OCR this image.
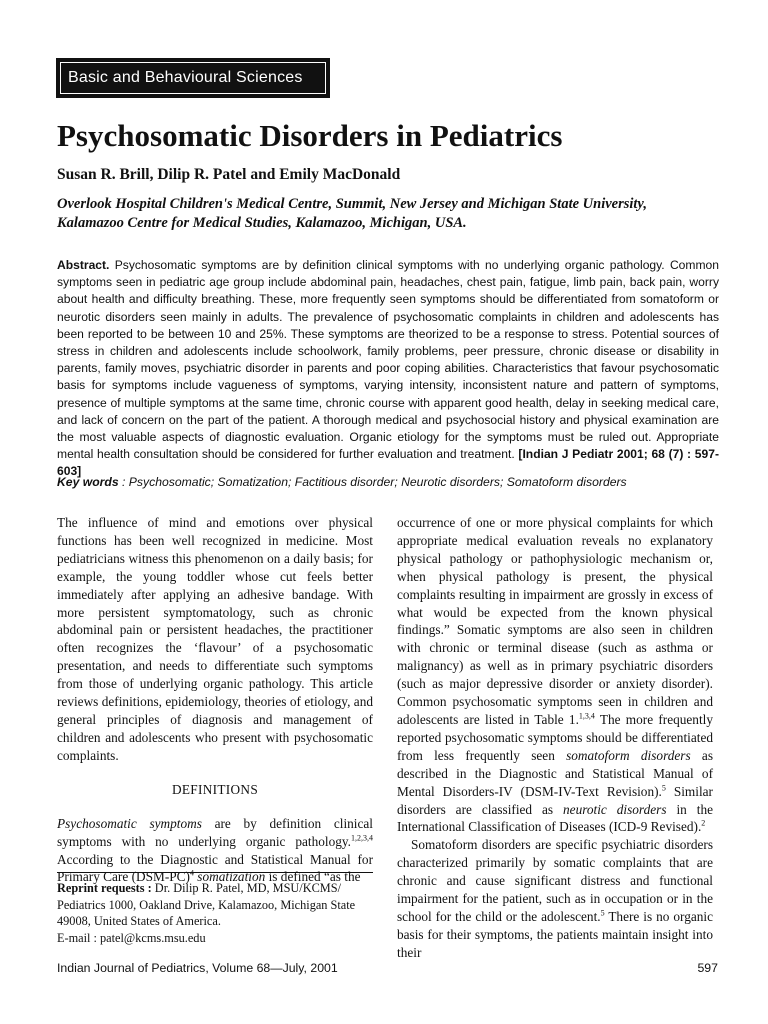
Basic and Behavioural Sciences
Psychosomatic Disorders in Pediatrics
Susan R. Brill, Dilip R. Patel and Emily MacDonald
Overlook Hospital Children's Medical Centre, Summit, New Jersey and Michigan State University,
Kalamazoo Centre for Medical Studies, Kalamazoo, Michigan, USA.

Abstract. Psychosomatic symptoms are by definition clinical symptoms with no underlying organic pathology. Common symptoms seen in pediatric age group include abdominal pain, headaches, chest pain, fatigue, limb pain, back pain, worry about health and difficulty breathing. These, more frequently seen symptoms should be differentiated from somatoform or neurotic disorders seen mainly in adults. The prevalence of psychosomatic complaints in children and adolescents has been reported to be between 10 and 25%. These symptoms are theorized to be a response to stress. Potential sources of stress in children and adolescents include schoolwork, family problems, peer pressure, chronic disease or disability in parents, family moves, psychiatric disorder in parents and poor coping abilities. Characteristics that favour psychosomatic basis for symptoms include vagueness of symptoms, varying intensity, inconsistent nature and pattern of symptoms, presence of multiple symptoms at the same time, chronic course with apparent good health, delay in seeking medical care, and lack of concern on the part of the patient. A thorough medical and psychosocial history and physical examination are the most valuable aspects of diagnostic evaluation. Organic etiology for the symptoms must be ruled out. Appropriate mental health consultation should be considered for further evaluation and treatment. [Indian J Pediatr 2001; 68 (7) : 597-603]

Key words : Psychosomatic; Somatization; Factitious disorder; Neurotic disorders; Somatoform disorders

The influence of mind and emotions over physical functions has been well recognized in medicine. Most pediatricians witness this phenomenon on a daily basis; for example, the young toddler whose cut feels better immediately after applying an adhesive bandage. With more persistent symptomatology, such as chronic abdominal pain or persistent headaches, the practitioner often recognizes the ‘flavour’ of a psychosomatic presentation, and needs to differentiate such symptoms from those of underlying organic pathology. This article reviews definitions, epidemiology, theories of etiology, and general principles of diagnosis and management of children and adolescents who present with psychosomatic complaints.

DEFINITIONS

Psychosomatic symptoms are by definition clinical symptoms with no underlying organic pathology.$^{1,2,3,4}$ According to the Diagnostic and Statistical Manual for Primary Care $(DSM-PC)^4$ somatization is defined “as the

occurrence of one or more physical complaints for which appropriate medical evaluation reveals no explanatory physical pathology or pathophysiologic mechanism or, when physical pathology is present, the physical complaints resulting in impairment are grossly in excess of what would be expected from the known physical findings.” Somatic symptoms are also seen in children with chronic or terminal disease (such as asthma or malignancy) as well as in primary psychiatric disorders (such as major depressive disorder or anxiety disorder). Common psychosomatic symptoms seen in children and adolescents are listed in Table 1.$^{1,3,4}$ The more frequently reported psychosomatic symptoms should be differentiated from less frequently seen somatoform disorders as described in the Diagnostic and Statistical Manual of Mental Disorders-IV (DSM-IV-Text Revision).$^5$ Similar disorders are classified as neurotic disorders in the International Classification of Diseases (ICD-9 Revised).$^2$

Somatoform disorders are specific psychiatric disorders characterized primarily by somatic complaints that are chronic and cause significant distress and functional impairment for the patient, such as in occupation or in the school for the child or the adolescent.$^5$ There is no organic basis for their symptoms, the patients maintain insight into their

Reprint requests : Dr. Dilip R. Patel, MD, MSU/KCMS/ Pediatrics 1000, Oakland Drive, Kalamazoo, Michigan State 49008, United States of America.
E-mail : patel@kcms.msu.edu
Indian Journal of Pediatrics, Volume 68—July, 2001	597
